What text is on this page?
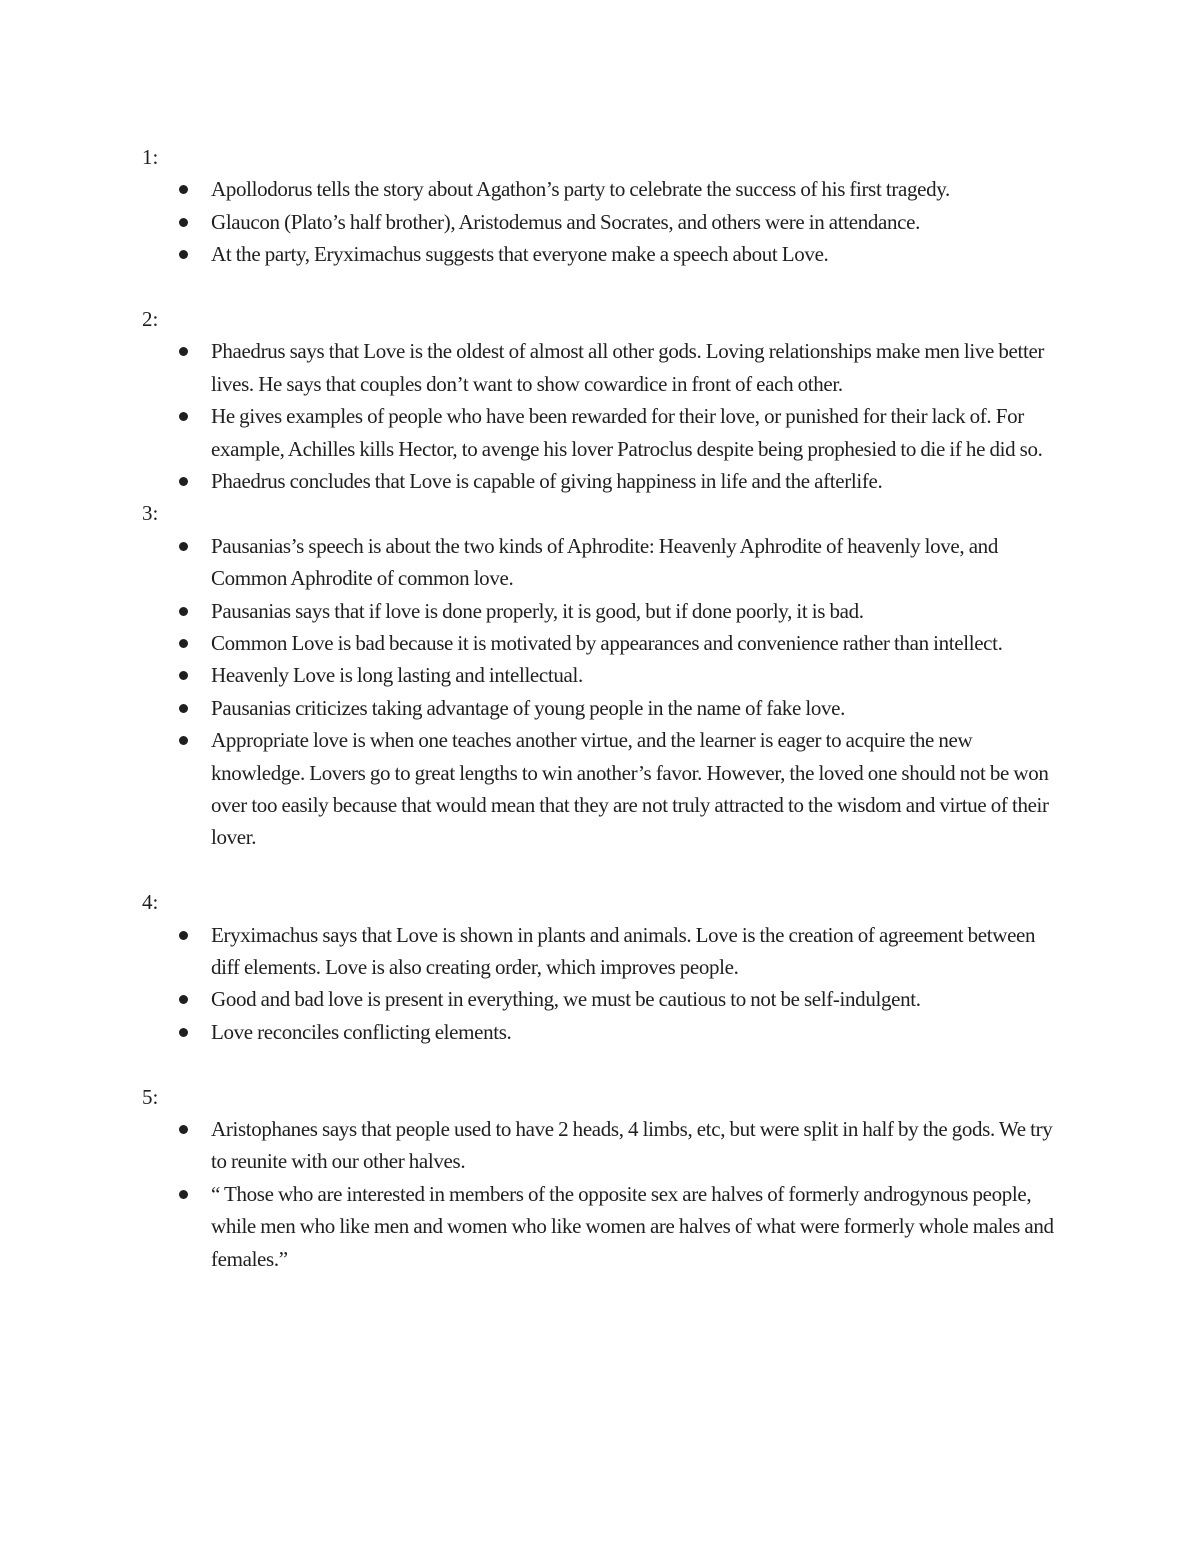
1:
Apollodorus tells the story about Agathon’s party to celebrate the success of his first tragedy.
Glaucon (Plato’s half brother), Aristodemus and Socrates, and others were in attendance.
At the party, Eryximachus suggests that everyone make a speech about Love.
2:
Phaedrus says that Love is the oldest of almost all other gods. Loving relationships make men live better lives. He says that couples don’t want to show cowardice in front of each other.
He gives examples of people who have been rewarded for their love, or punished for their lack of. For example, Achilles kills Hector, to avenge his lover Patroclus despite being prophesied to die if he did so.
Phaedrus concludes that Love is capable of giving happiness in life and the afterlife.
3:
Pausanias’s speech is about the two kinds of Aphrodite: Heavenly Aphrodite of heavenly love, and Common Aphrodite of common love.
Pausanias says that if love is done properly, it is good, but if done poorly, it is bad.
Common Love is bad because it is motivated by appearances and convenience rather than intellect.
Heavenly Love is long lasting and intellectual.
Pausanias criticizes taking advantage of young people in the name of fake love.
Appropriate love is when one teaches another virtue, and the learner is eager to acquire the new knowledge. Lovers go to great lengths to win another’s favor. However, the loved one should not be won over too easily because that would mean that they are not truly attracted to the wisdom and virtue of their lover.
4:
Eryximachus says that Love is shown in plants and animals. Love is the creation of agreement between diff elements. Love is also creating order, which improves people.
Good and bad love is present in everything, we must be cautious to not be self-indulgent.
Love reconciles conflicting elements.
5:
Aristophanes says that people used to have 2 heads, 4 limbs, etc, but were split in half by the gods. We try to reunite with our other halves.
“ Those who are interested in members of the opposite sex are halves of formerly androgynous people, while men who like men and women who like women are halves of what were formerly whole males and females.”
